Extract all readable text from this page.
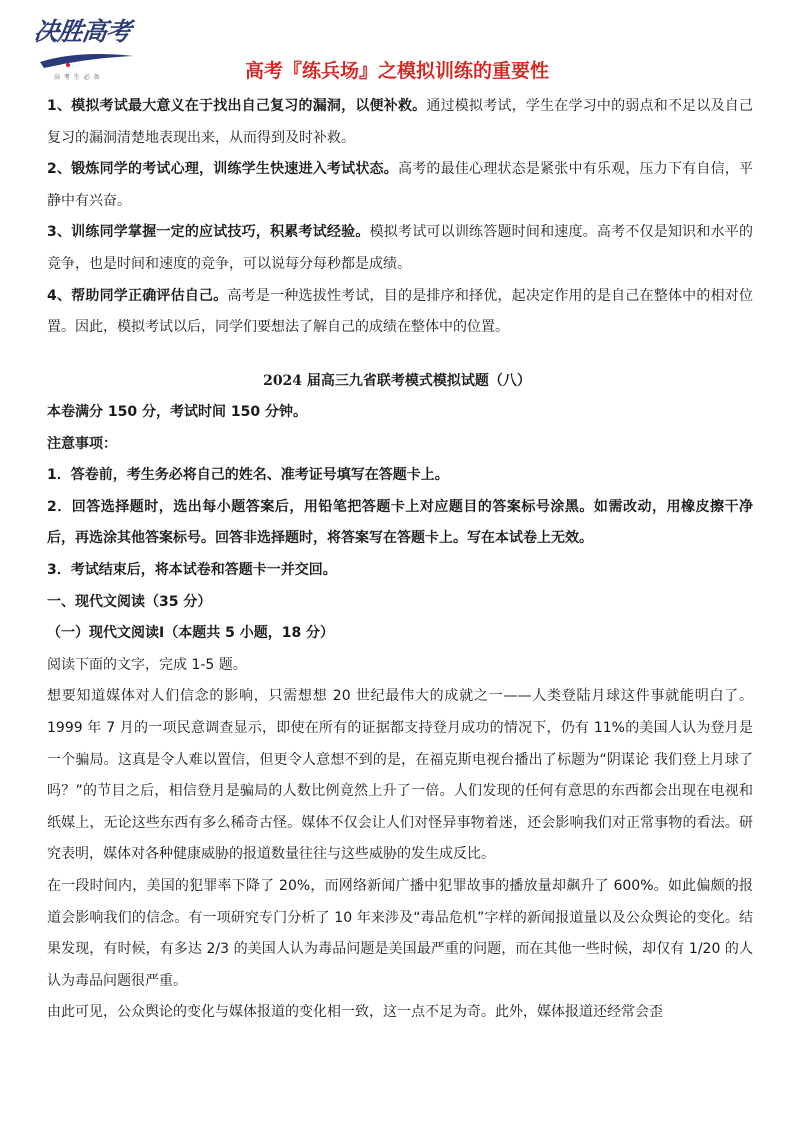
决胜高考
高 考 生 必 备	高考『练兵场』之模拟训练的重要性
1、模拟考试最大意义在于找出自己复习的漏洞，以便补救。通过模拟考试，学生在学习中的弱点和不足以及自己复习的漏洞清楚地表现出来，从而得到及时补救。
2、锻炼同学的考试心理，训练学生快速进入考试状态。高考的最佳心理状态是紧张中有乐观，压力下有自信，平静中有兴奋。
3、训练同学掌握一定的应试技巧，积累考试经验。模拟考试可以训练答题时间和速度。高考不仅是知识和水平的竞争，也是时间和速度的竞争，可以说每分每秒都是成绩。
4、帮助同学正确评估自己。高考是一种选拔性考试，目的是排序和择优，起决定作用的是自己在整体中的相对位置。因此，模拟考试以后，同学们要想法了解自己的成绩在整体中的位置。
2024 届高三九省联考模式模拟试题（八）
本卷满分 150 分，考试时间 150 分钟。
注意事项：
1．答卷前，考生务必将自己的姓名、准考证号填写在答题卡上。
2．回答选择题时，选出每小题答案后，用铅笔把答题卡上对应题目的答案标号涂黑。如需改动，用橡皮擦干净后，再选涂其他答案标号。回答非选择题时，将答案写在答题卡上。写在本试卷上无效。
3．考试结束后，将本试卷和答题卡一并交回。
一、现代文阅读（35 分）
（一）现代文阅读Ⅰ（本题共 5 小题，18 分）
阅读下面的文字，完成 1-5 题。
想要知道媒体对人们信念的影响，只需想想 20 世纪最伟大的成就之一——人类登陆月球这件事就能明白了。1999 年 7 月的一项民意调查显示，即使在所有的证据都支持登月成功的情况下，仍有 11%的美国人认为登月是一个骗局。这真是令人难以置信，但更令人意想不到的是，在福克斯电视台播出了标题为“阴谋论 我们登上月球了吗？”的节目之后，相信登月是骗局的人数比例竟然上升了一倍。人们发现的任何有意思的东西都会出现在电视和纸媒上，无论这些东西有多么稀奇古怪。媒体不仅会让人们对怪异事物着迷，还会影响我们对正常事物的看法。研究表明，媒体对各种健康威胁的报道数量往往与这些威胁的发生成反比。
在一段时间内，美国的犯罪率下降了 20%，而网络新闻广播中犯罪故事的播放量却飙升了 600%。如此偏颇的报道会影响我们的信念。有一项研究专门分析了 10 年来涉及“毒品危机”字样的新闻报道量以及公众舆论的变化。结果发现，有时候，有多达 2/3 的美国人认为毒品问题是美国最严重的问题，而在其他一些时候，却仅有 1/20 的人认为毒品问题很严重。
由此可见，公众舆论的变化与媒体报道的变化相一致，这一点不足为奇。此外，媒体报道还经常会歪
